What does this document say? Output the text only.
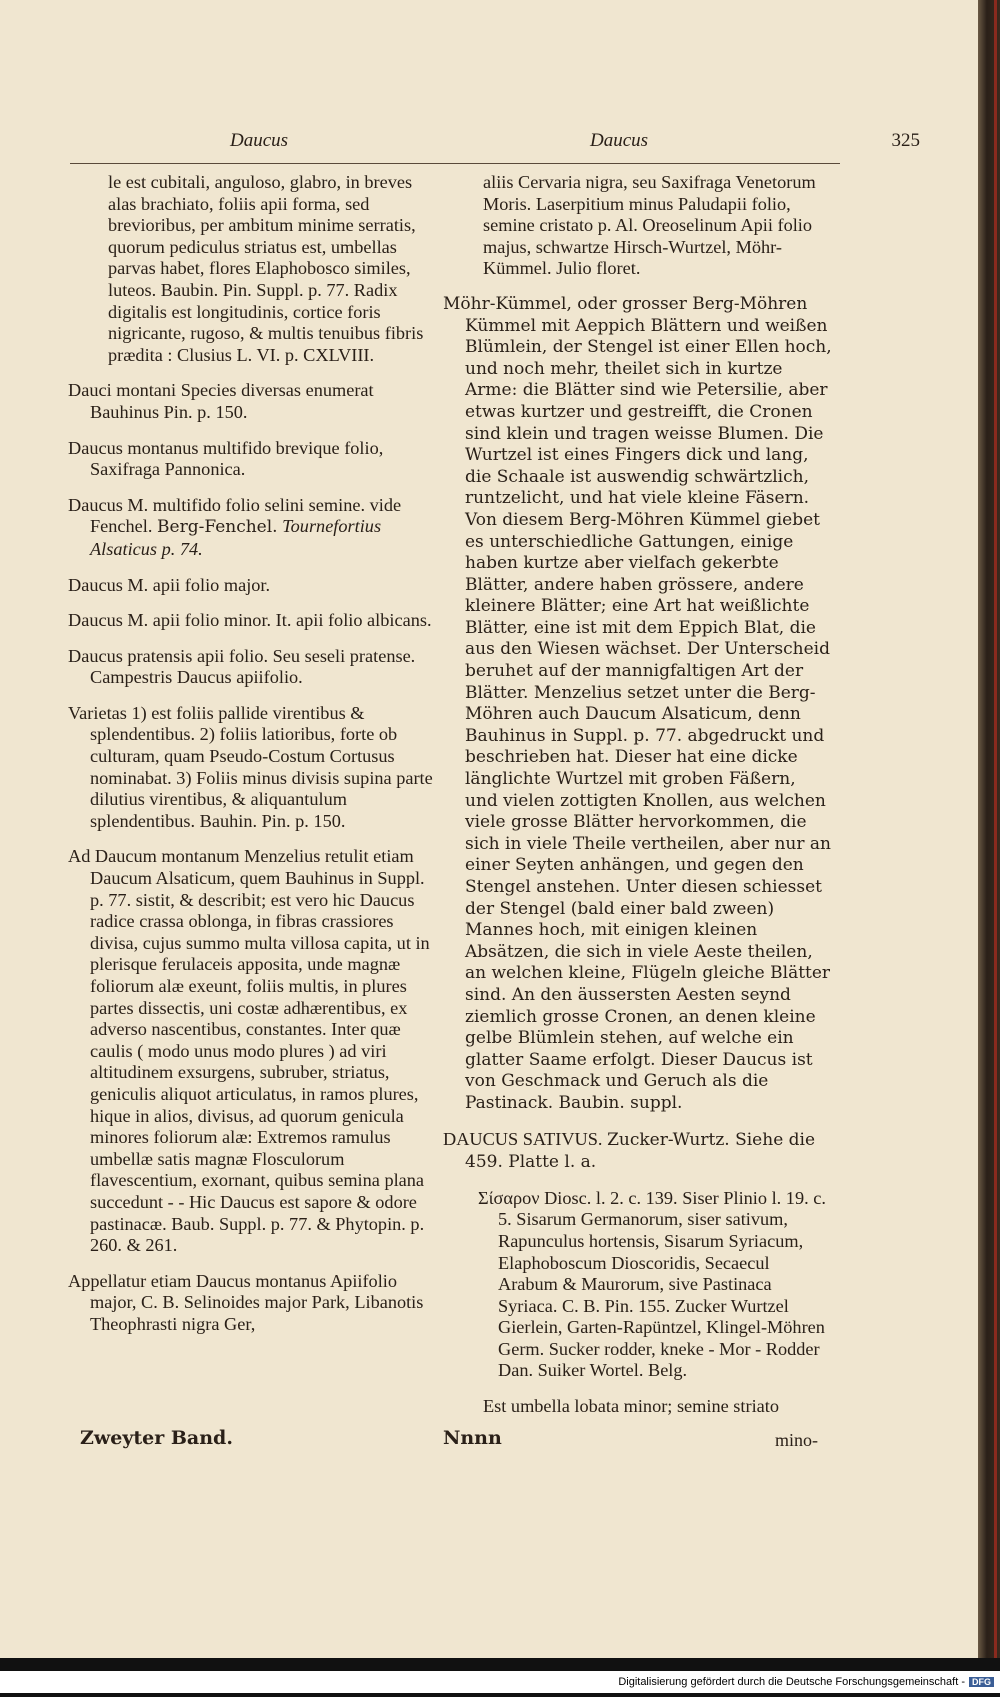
Daucus	Daucus	325

le est cubitali, anguloso, glabro, in breves alas brachiato, foliis apii forma, sed brevioribus, per ambitum minime serratis, quorum pediculus striatus est, umbellas parvas habet, flores Elaphobosco similes, luteos. Baubin. Pin. Suppl. p. 77. Radix digitalis est longitudinis, cortice foris nigricante, rugoso, & multis tenuibus fibris prædita : Clusius L. VI. p. CXLVIII.

Dauci montani Species diversas enumerat Bauhinus Pin. p. 150.

Daucus montanus multifido brevique folio, Saxifraga Pannonica.

Daucus M. multifido folio selini semine. vide Fenchel. Berg-Fenchel. Tournefortius Alsaticus p. 74.

Daucus M. apii folio major.

Daucus M. apii folio minor. It. apii folio albicans.

Daucus pratensis apii folio. Seu seseli pratense. Campestris Daucus apiifolio.

Varietas 1) est foliis pallide virentibus & splendentibus. 2) foliis latioribus, forte ob culturam, quam Pseudo-Costum Cortusus nominabat. 3) Foliis minus divisis supina parte dilutius virentibus, & aliquantulum splendentibus. Bauhin. Pin. p. 150.

Ad Daucum montanum Menzelius retulit etiam Daucum Alsaticum, quem Bauhinus in Suppl. p. 77. sistit, & describit; est vero hic Daucus radice crassa oblonga, in fibras crassiores divisa, cujus summo multa villosa capita, ut in plerisque ferulaceis apposita, unde magnæ foliorum alæ exeunt, foliis multis, in plures partes dissectis, uni costæ adhærentibus, ex adverso nascentibus, constantes. Inter quæ caulis ( modo unus modo plures ) ad viri altitudinem exsurgens, subruber, striatus, geniculis aliquot articulatus, in ramos plures, hique in alios, divisus, ad quorum genicula minores foliorum alæ: Extremos ramulus umbellæ satis magnæ Flosculorum flavescentium, exornant, quibus semina plana succedunt - - Hic Daucus est sapore & odore pastinacæ. Baub. Suppl. p. 77. & Phytopin. p. 260. & 261.

Appellatur etiam Daucus montanus Apiifolio major, C. B. Selinoides major Park, Libanotis Theophrasti nigra Ger,

aliis Cervaria nigra, seu Saxifraga Venetorum Moris. Laserpitium minus Paludapii folio, semine cristato p. Al. Oreoselinum Apii folio majus, schwartze Hirsch-Wurtzel, Möhr-Kümmel. Julio floret.

Möhr-Kümmel, oder grosser Berg-Möhren Kümmel mit Aeppich Blättern und weißen Blümlein, der Stengel ist einer Ellen hoch, und noch mehr, theilet sich in kurtze Arme: die Blätter sind wie Petersilie, aber etwas kurtzer und gestreifft, die Cronen sind klein und tragen weisse Blumen. Die Wurtzel ist eines Fingers dick und lang, die Schaale ist auswendig schwärtzlich, runtzelicht, und hat viele kleine Fäsern. Von diesem Berg-Möhren Kümmel giebet es unterschiedliche Gattungen, einige haben kurtze aber vielfach gekerbte Blätter, andere haben grössere, andere kleinere Blätter; eine Art hat weißlichte Blätter, eine ist mit dem Eppich Blat, die aus den Wiesen wächset. Der Unterscheid beruhet auf der mannigfaltigen Art der Blätter. Menzelius setzet unter die Berg-Möhren auch Daucum Alsaticum, denn Bauhinus in Suppl. p. 77. abgedruckt und beschrieben hat. Dieser hat eine dicke länglichte Wurtzel mit groben Fäßern, und vielen zottigten Knollen, aus welchen viele grosse Blätter hervorkommen, die sich in viele Theile vertheilen, aber nur an einer Seyten anhängen, und gegen den Stengel anstehen. Unter diesen schiesset der Stengel (bald einer bald zween) Mannes hoch, mit einigen kleinen Absätzen, die sich in viele Aeste theilen, an welchen kleine, Flügeln gleiche Blätter sind. An den äussersten Aesten seynd ziemlich grosse Cronen, an denen kleine gelbe Blümlein stehen, auf welche ein glatter Saame erfolgt. Dieser Daucus ist von Geschmack und Geruch als die Pastinack. Baubin. suppl.

DAUCUS SATIVUS. Zucker-Wurtz. Siehe die 459. Platte l. a.

Σίσαρον Diosc. l. 2. c. 139. Siser Plinio l. 19. c. 5. Sisarum Germanorum, siser sativum, Rapunculus hortensis, Sisarum Syriacum, Elaphoboscum Dioscoridis, Secaecul Arabum & Maurorum, sive Pastinaca Syriaca. C. B. Pin. 155. Zucker Wurtzel Gierlein, Garten-Rapüntzel, Klingel-Möhren Germ. Sucker rodder, kneke - Mor - Rodder Dan. Suiker Wortel. Belg.

Est umbella lobata minor; semine striato

Zweyter Band.	Nnnn	mino-
Digitalisierung gefördert durch die Deutsche Forschungsgemeinschaft - DFG
